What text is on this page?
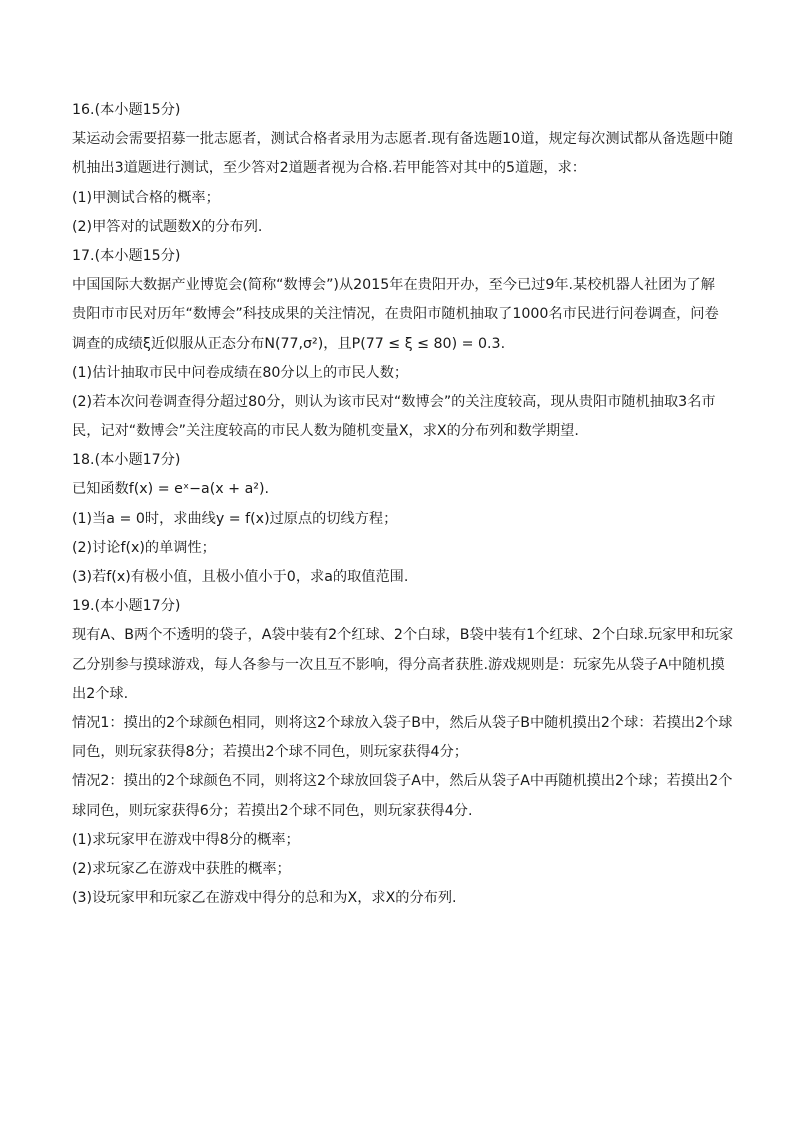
16.(本小题15分)
某运动会需要招募一批志愿者，测试合格者录用为志愿者.现有备选题10道，规定每次测试都从备选题中随
机抽出3道题进行测试，至少答对2道题者视为合格.若甲能答对其中的5道题，求：
(1)甲测试合格的概率；
(2)甲答对的试题数X的分布列.
17.(本小题15分)
中国国际大数据产业博览会(简称“数博会”)从2015年在贵阳开办，至今已过9年.某校机器人社团为了解
贵阳市市民对历年“数博会”科技成果的关注情况，在贵阳市随机抽取了1000名市民进行问卷调查，问卷
调查的成绩ξ近似服从正态分布N(77,σ²)，且P(77 ≤ ξ ≤ 80) = 0.3.
(1)估计抽取市民中问卷成绩在80分以上的市民人数；
(2)若本次问卷调查得分超过80分，则认为该市民对“数博会”的关注度较高，现从贵阳市随机抽取3名市
民，记对“数博会”关注度较高的市民人数为随机变量X，求X的分布列和数学期望.
18.(本小题17分)
已知函数f(x) = eˣ−a(x + a²).
(1)当a = 0时，求曲线y = f(x)过原点的切线方程；
(2)讨论f(x)的单调性；
(3)若f(x)有极小值，且极小值小于0，求a的取值范围.
19.(本小题17分)
现有A、B两个不透明的袋子，A袋中装有2个红球、2个白球，B袋中装有1个红球、2个白球.玩家甲和玩家
乙分别参与摸球游戏，每人各参与一次且互不影响，得分高者获胜.游戏规则是：玩家先从袋子A中随机摸
出2个球.
情况1：摸出的2个球颜色相同，则将这2个球放入袋子B中，然后从袋子B中随机摸出2个球：若摸出2个球
同色，则玩家获得8分；若摸出2个球不同色，则玩家获得4分；
情况2：摸出的2个球颜色不同，则将这2个球放回袋子A中，然后从袋子A中再随机摸出2个球；若摸出2个
球同色，则玩家获得6分；若摸出2个球不同色，则玩家获得4分.
(1)求玩家甲在游戏中得8分的概率；
(2)求玩家乙在游戏中获胜的概率；
(3)设玩家甲和玩家乙在游戏中得分的总和为X，求X的分布列.
